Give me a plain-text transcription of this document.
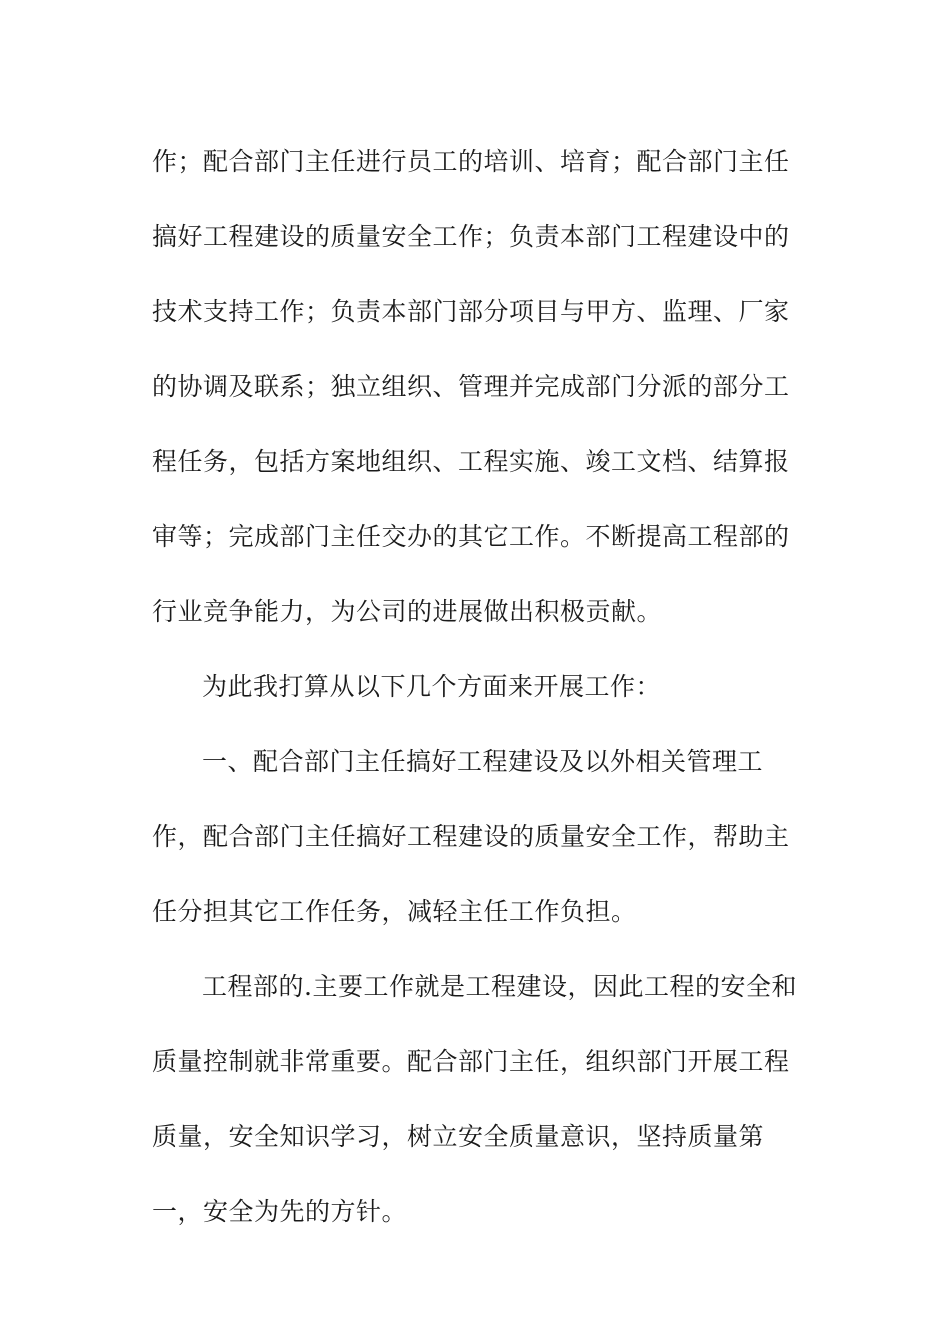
作；配合部门主任进行员工的培训、培育；配合部门主任
搞好工程建设的质量安全工作；负责本部门工程建设中的
技术支持工作；负责本部门部分项目与甲方、监理、厂家
的协调及联系；独立组织、管理并完成部门分派的部分工
程任务，包括方案地组织、工程实施、竣工文档、结算报
审等；完成部门主任交办的其它工作。不断提高工程部的
行业竞争能力，为公司的进展做出积极贡献。
为此我打算从以下几个方面来开展工作：
一、配合部门主任搞好工程建设及以外相关管理工
作，配合部门主任搞好工程建设的质量安全工作，帮助主
任分担其它工作任务，减轻主任工作负担。
工程部的.主要工作就是工程建设，因此工程的安全和
质量控制就非常重要。配合部门主任，组织部门开展工程
质量，安全知识学习，树立安全质量意识，坚持质量第
一，安全为先的方针。
